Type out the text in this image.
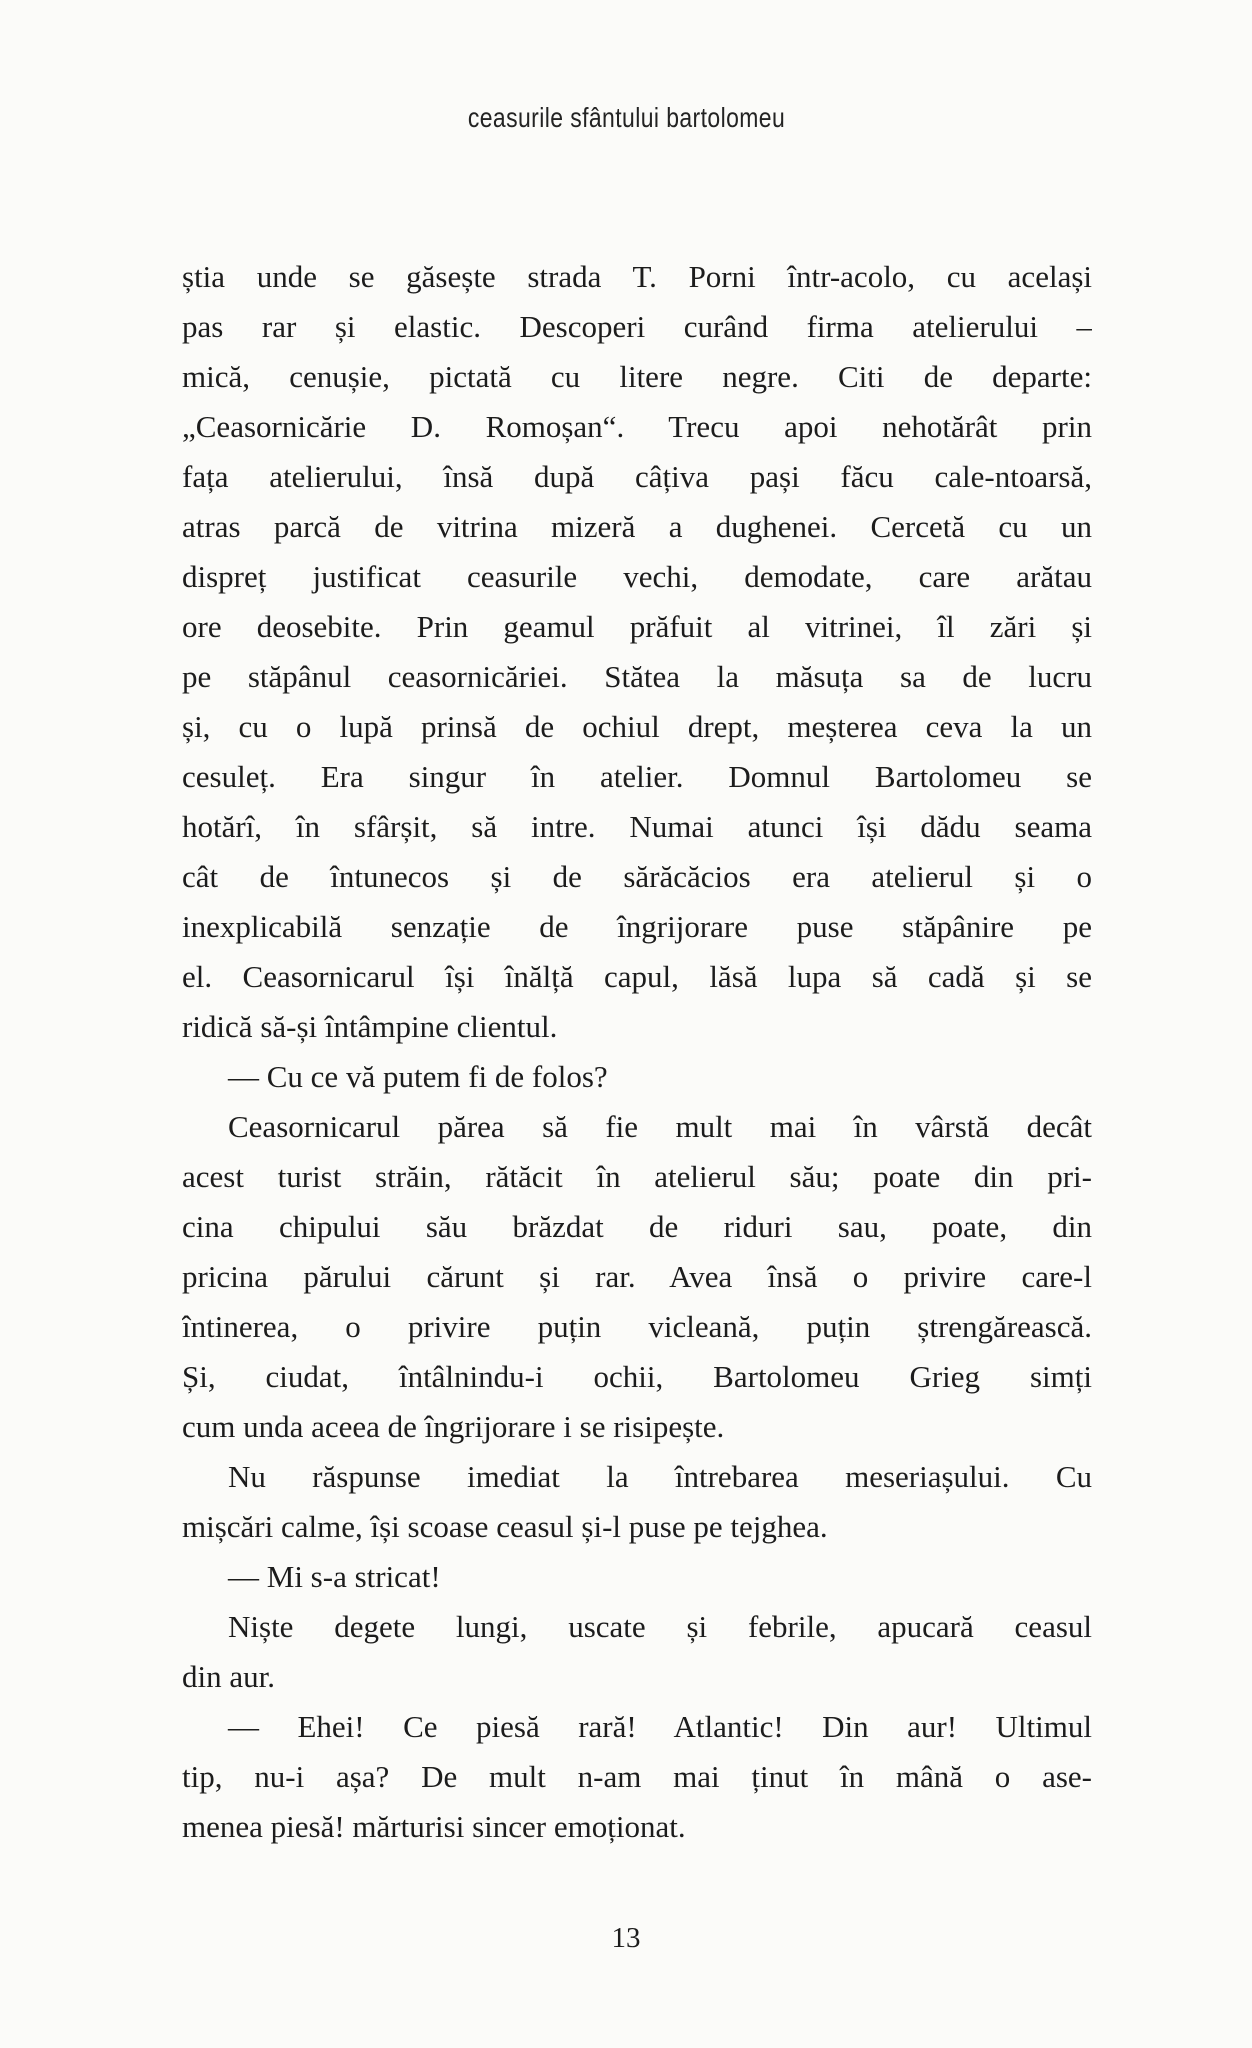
ceasurile sfântului bartolomeu
știa unde se găsește strada T. Porni într-acolo, cu același
pas rar și elastic. Descoperi curând firma atelierului –
mică, cenușie, pictată cu litere negre. Citi de departe:
„Ceasornicărie D. Romoșan“. Trecu apoi nehotărât prin
fața atelierului, însă după câțiva pași făcu cale-ntoarsă,
atras parcă de vitrina mizeră a dughenei. Cercetă cu un
dispreț justificat ceasurile vechi, demodate, care arătau
ore deosebite. Prin geamul prăfuit al vitrinei, îl zări și
pe stăpânul ceasornicăriei. Stătea la măsuța sa de lucru
și, cu o lupă prinsă de ochiul drept, meșterea ceva la un
cesuleț. Era singur în atelier. Domnul Bartolomeu se
hotărî, în sfârșit, să intre. Numai atunci își dădu seama
cât de întunecos și de sărăcăcios era atelierul și o
inexplicabilă senzație de îngrijorare puse stăpânire pe
el. Ceasornicarul își înălță capul, lăsă lupa să cadă și se
ridică să-și întâmpine clientul.
— Cu ce vă putem fi de folos?
Ceasornicarul părea să fie mult mai în vârstă decât
acest turist străin, rătăcit în atelierul său; poate din pri-
cina chipului său brăzdat de riduri sau, poate, din
pricina părului cărunt și rar. Avea însă o privire care-l
întinerea, o privire puțin vicleană, puțin ștrengărească.
Și, ciudat, întâlnindu-i ochii, Bartolomeu Grieg simți
cum unda aceea de îngrijorare i se risipește.
Nu răspunse imediat la întrebarea meseriașului. Cu
mișcări calme, își scoase ceasul și-l puse pe tejghea.
— Mi s-a stricat!
Niște degete lungi, uscate și febrile, apucară ceasul
din aur.
— Ehei! Ce piesă rară! Atlantic! Din aur! Ultimul
tip, nu-i așa? De mult n-am mai ținut în mână o ase-
menea piesă! mărturisi sincer emoționat.
13
